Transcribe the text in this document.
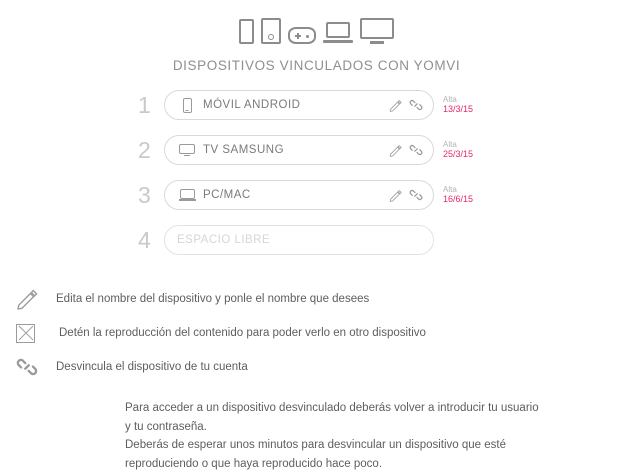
DISPOSITIVOS VINCULADOS CON YOMVI
1	MÓVIL ANDROID	Alta
13/3/15
2	TV SAMSUNG	Alta
25/3/15
3	PC/MAC	Alta
16/6/15
4	ESPACIO LIBRE
Edita el nombre del dispositivo y ponle el nombre que desees
Detén la reproducción del contenido para poder verlo en otro dispositivo
Desvincula el dispositivo de tu cuenta

Para acceder a un dispositivo desvinculado deberás volver a introducir tu usuario

y tu contraseña.

Deberás de esperar unos minutos para desvincular un dispositivo que esté

reproduciendo o que haya reproducido hace poco.
